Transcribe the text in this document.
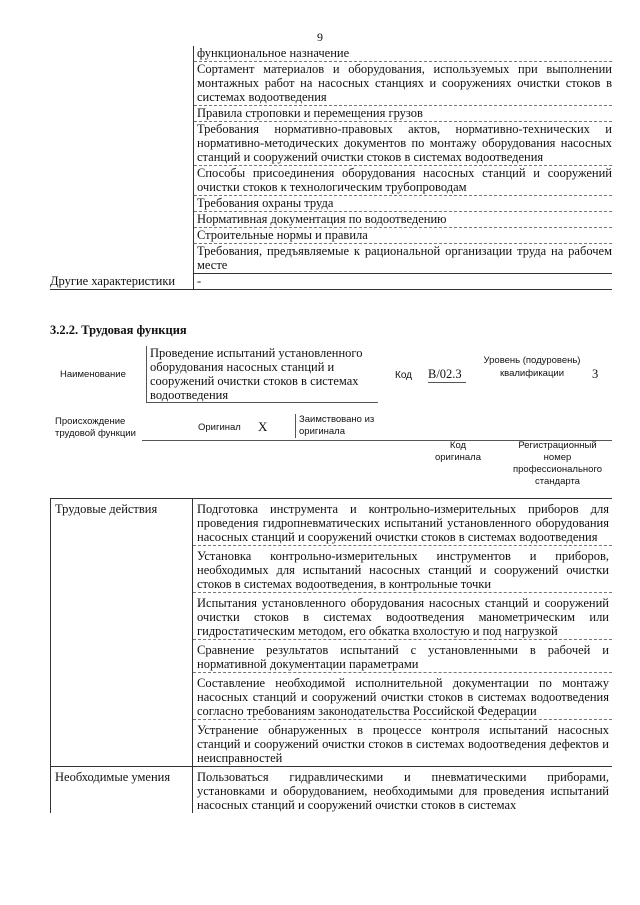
9
функциональное назначение
Сортамент материалов и оборудования, используемых при выполнении монтажных работ на насосных станциях и сооружениях очистки стоков в системах водоотведения
Правила строповки и перемещения грузов
Требования нормативно-правовых актов, нормативно-технических и нормативно-методических документов по монтажу оборудования насосных станций и сооружений очистки стоков в системах водоотведения
Способы присоединения оборудования насосных станций и сооружений очистки стоков к технологическим трубопроводам
Требования охраны труда
Нормативная документация по водоотведению
Строительные нормы и правила
Требования, предъявляемые к рациональной организации труда на рабочем месте
Другие характеристики	-
3.2.2. Трудовая функция
Наименование
Проведение испытаний установленного оборудования насосных станций и сооружений очистки стоков в системах водоотведения
Код В/02.3
Уровень (подуровень) квалификации	3
Происхождение трудовой функции
Оригинал X	Заимствовано из оригинала
Код оригинала
Регистрационный номер профессионального стандарта
Трудовые действия	Подготовка инструмента и контрольно-измерительных приборов для проведения гидропневматических испытаний установленного оборудования насосных станций и сооружений очистки стоков в системах водоотведения
Установка контрольно-измерительных инструментов и приборов, необходимых для испытаний насосных станций и сооружений очистки стоков в системах водоотведения, в контрольные точки
Испытания установленного оборудования насосных станций и сооружений очистки стоков в системах водоотведения манометрическим или гидростатическим методом, его обкатка вхолостую и под нагрузкой
Сравнение результатов испытаний с установленными в рабочей и нормативной документации параметрами
Составление необходимой исполнительной документации по монтажу насосных станций и сооружений очистки стоков в системах водоотведения согласно требованиям законодательства Российской Федерации
Устранение обнаруженных в процессе контроля испытаний насосных станций и сооружений очистки стоков в системах водоотведения дефектов и неисправностей
Необходимые умения	Пользоваться гидравлическими и пневматическими приборами, установками и оборудованием, необходимыми для проведения испытаний насосных станций и сооружений очистки стоков в системах
